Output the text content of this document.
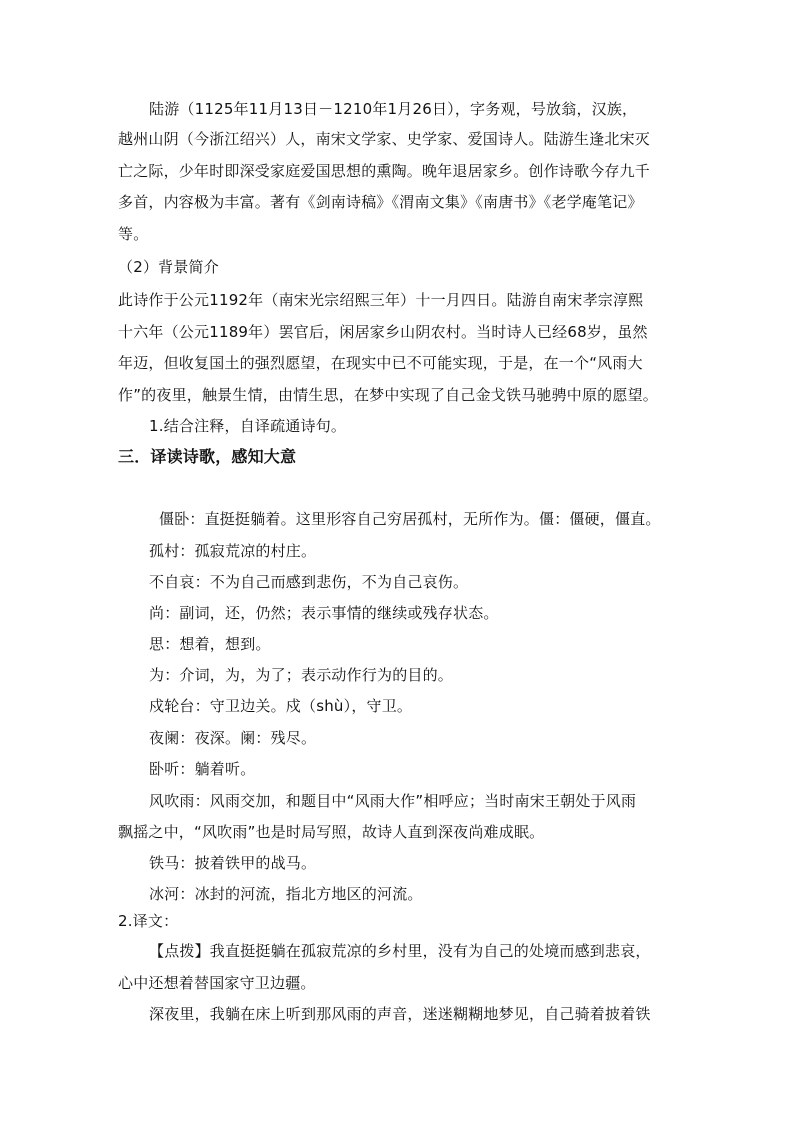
陆游（1125年11月13日－1210年1月26日），字务观，号放翁，汉族，
越州山阴（今浙江绍兴）人，南宋文学家、史学家、爱国诗人。陆游生逢北宋灭
亡之际，少年时即深受家庭爱国思想的熏陶。晚年退居家乡。创作诗歌今存九千
多首，内容极为丰富。著有《剑南诗稿》《渭南文集》《南唐书》《老学庵笔记》
等。
（2）背景简介
此诗作于公元1192年（南宋光宗绍熙三年）十一月四日。陆游自南宋孝宗淳熙
十六年（公元1189年）罢官后，闲居家乡山阴农村。当时诗人已经68岁，虽然
年迈，但收复国土的强烈愿望，在现实中已不可能实现，于是，在一个“风雨大
作”的夜里，触景生情，由情生思，在梦中实现了自己金戈铁马驰骋中原的愿望。
1.结合注释，自译疏通诗句。
三．译读诗歌，感知大意
僵卧：直挺挺躺着。这里形容自己穷居孤村，无所作为。僵：僵硬，僵直。
孤村：孤寂荒凉的村庄。
不自哀：不为自己而感到悲伤，不为自己哀伤。
尚：副词，还，仍然；表示事情的继续或残存状态。
思：想着，想到。
为：介词，为，为了；表示动作行为的目的。
戍轮台：守卫边关。戍（shù），守卫。
夜阑：夜深。阑：残尽。
卧听：躺着听。
风吹雨：风雨交加，和题目中“风雨大作”相呼应；当时南宋王朝处于风雨
飘摇之中，“风吹雨”也是时局写照，故诗人直到深夜尚难成眠。
铁马：披着铁甲的战马。
冰河：冰封的河流，指北方地区的河流。
2.译文：
【点拨】我直挺挺躺在孤寂荒凉的乡村里，没有为自己的处境而感到悲哀，
心中还想着替国家守卫边疆。
深夜里，我躺在床上听到那风雨的声音，迷迷糊糊地梦见，自己骑着披着铁
